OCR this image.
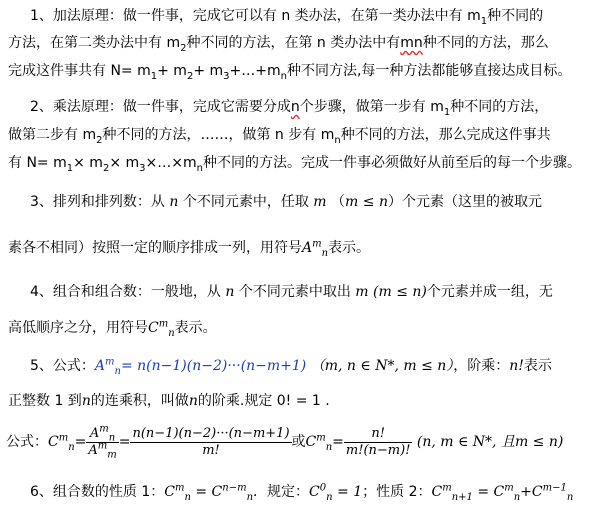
1、加法原理：做一件事，完成它可以有 n 类办法，在第一类办法中有 $m_1$种不同的
方法，在第二类办法中有 $m_2$种不同的方法，在第 n 类办法中有mn种不同的方法，那么
完成这件事共有 $N= m_1+ m_2+$ $m_3+\dots+m_n$种不同方法,每一种方法都能够直接达成目标。
2、乘法原理：做一件事，完成它需要分成n个步骤，做第一步有 $m_1$种不同的方法，
做第二步有 $m_2$种不同的方法，……，做第 n 步有 $m_n$种不同的方法，那么完成这件事共
有 $N= m_1\times m_2\times$ $m_3\times\dots\times m_n$种不同的方法。完成一件事必须做好从前至后的每一个步骤。
3、排列和排列数：从 n 个不同元素中，任取 m （m ≤ n）个元素（这里的被取元
素各不相同）按照一定的顺序排成一列，用符号$A^m_n$表示。
4、组合和组合数：一般地，从 n 个不同元素中取出 m (m ≤ n)个元素并成一组，无
高低顺序之分，用符号$C^m_n$表示。
5、公式：$A^m_n= n(n-1)(n-2)\cdot\cdot\cdot(n-m+1)$ （m, n ∈ N*, m ≤ n），阶乘：n!表示
正整数 1 到n的连乘积，叫做n的阶乘.规定 0! = 1 .
公式：$C^m_n= \frac{A^m_n}{A^m_m} = \frac{n(n-1)(n-2)\cdot\cdot\cdot(n-m+1)}{m!}$ 或$C^m_n= \frac{n!}{m!(n-m)!} (n$, m ∈ N*, 且m ≤ n)
6、组合数的性质 1：$C^m_n = C^{n-m}_n$．规定：$C^0_n = 1$；性质 2：$C^m_{n+1} = C^m_n+C^{m-1}_n$
